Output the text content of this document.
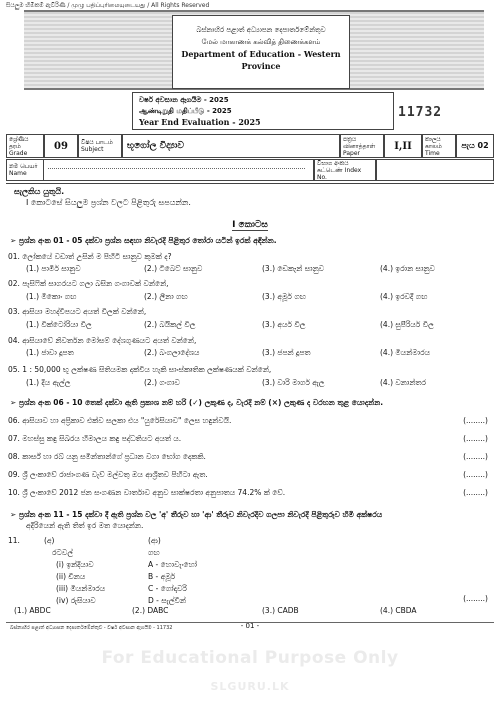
සියලුම හිමිකම් ඇවිරිණි / முழு பதிப்புரிமையுடையது / All Rights Reserved
බස්නාහිර පළාත් අධ්‍යාපන දෙපාර්තමේන්තුව
மேல் மாகாணக் கல்வித் திணைக்களம்
Department of Education - Western Province
වර්ෂ අවසාන ඇගයීම - 2025
ஆண்டிறுதி மதிப்பீடு - 2025
Year End Evaluation - 2025
11732
ශ්‍රේණිය தரம் Grade
09	විෂය பாடம் Subject	භූගෝල විද්‍යාව
පත්‍රය வினாத்தாள் Paper
I,II
කාලය காலம் Time
පැය 02
නම பெயர் Name
විභාග අංකය சுட்டெண் Index No.
සැලකිය යුතුයි.
I කොටසේ සියලුම ප්‍රශ්න වලට පිළිතුරු සපයන්න.
I කොටස
➢ ප්‍රශ්න අංක 01 - 05 දක්වා ප්‍රශ්න සඳහා නිවැරදි පිළිතුර තෝරා යටින් ඉරක් අඳින්න.
01. ලෝකයේ වඩාත් උසින් ම පිහිටි සානුව කුමක් ද?
(1.) පාමීර් සානුව	(2.) ටිබෙට් සානුව	(3.) ඩෙකෑන් සානුව	(4.) ඉරාන සානුව
02. පැසිෆික් සාගරයට ගලා බසින ගංගාවක් වන්නේ,
(1.) මීකොං ගඟ	(2.) ලීනා ගඟ	(3.) අමූර් ගඟ	(4.) ඉරවදී ගඟ
03. ආසියා මහද්වීපයට අයත් විලක් වන්නේ,
(1.) වික්ටෝරියා විල	(2.) බයිකල් විල	(3.) අයර් විල	(4.) සුපීරියර් විල
04. ආසියාවේ නිවර්තන මෝසම් දේශගුණයට අයත් වන්නේ,
(1.) ජාවා දූපත	(2.) බංගලාදේශය	(3.) ජපන් දූපත	(4.) මියන්මාරය
05. 1 : 50,000 භූ ලක්ෂණ සිතියමක දක්විය හැකි සාංස්කෘතික ලක්ෂණයක් වන්නේ,
(1.) දිය ඇල්ල	(2.) ගංගාව	(3.) වාරි මාර්ග ඇල	(4.) වනාන්තර
➢ ප්‍රශ්න අංක 06 - 10 තෙක් දක්වා ඇති ප්‍රකාශ නම් හරි (✓) ලකුණ ද, වැරදි නම් (×) ලකුණ ද වරහන තුළ යොදන්න.
06. ආසියාව හා අප්‍රිකාව එක්ව සලකා එය "යුරේසියාව" ලෙස හඳුන්වයි.	(........)
07. මහස්සු කඳු සිඛරය හිමාලය කඳු පද්ධතියට අයත් ය.	(........)
08. කාර්ස් හා රබ් යනු සමින්තාන්ගේ ප්‍රධාන වගා භෝග දෙකකි.	(........)
09. ශ්‍රී ලංකාවේ රාජාංගණ වැව් මල්වතු ඔය ආශ්‍රිතව පිහිටා ඇත.	(........)
10. ශ්‍රී ලංකාවේ 2012 ජන සංගණන වාර්තාව අනුව සාක්ෂරතා අනුපාතය 74.2% ක් වේ.	(........)
➢ ප්‍රශ්න අංක 11 - 15 දක්වා දී ඇති ප්‍රශ්න වල 'අ' තීරුව හා 'ආ' තීරුව නිවැරදිව ගලපා නිවැරදි පිළිතුරුව හිමි අක්ෂරය
අදිරියෙන් ඇති තිත් ඉර මත යොදන්න.
11.	(අ)	(ආ)
රටවල්	ගඟ
(i) ඉන්දියාව	A - හොවැංහෝ
(ii) චීනය	B - අමූර්
(iii) මියන්මාරය	C - ගෝදාවරි
(iv) රුසියාව	D - සැල්වීන්	(........)
(1.) ABDC	(2.) DABC	(3.) CADB	(4.) CBDA
බස්නාහිර පළාත් අධ්‍යාපන දෙපාර්තමේන්තුව - වර්ෂ අවසාන ඇගයීම - 11732	- 01 -
For Educational Purpose Only
SLGURU.LK
